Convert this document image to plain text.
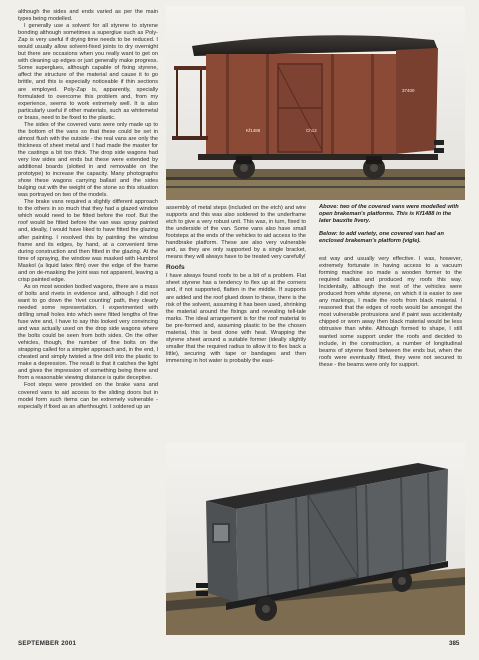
although the sides and ends varied as per the main types being modelled.

I generally use a solvent for all styrene to styrene bonding although sometimes a superglue such as Poly-Zap is very useful if drying time needs to be reduced. I would usually allow solvent-fixed joints to dry overnight but there are occasions when you really want to get on with cleaning up edges or just generally make progress. Some superglues, although capable of fixing styrene, affect the structure of the material and cause it to go brittle, and this is especially noticeable if thin sections are employed. Poly-Zap is, apparently, specially formulated to overcome this problem and, from my experience, seems to work extremely well. It is also particularly useful if other materials, such as whitemetal or brass, need to be fixed to the plastic.

The sides of the covered vans were only made up to the bottom of the vans so that these could be set in almost flush with the outside - the real vans are only the thickness of sheet metal and I had made the master for the castings a bit too thick. The drop side wagons had very low sides and ends but these were extended by additional boards (slotted in and removable on the prototype) to increase the capacity. Many photographs show these wagons carrying ballast and the sides bulging out with the weight of the stone so this situation was portrayed on two of the models.

The brake vans required a slightly different approach to the others in so much that they had a glazed window which would need to be fitted before the roof. But the roof would be fitted before the van was spray painted and, ideally, I would have liked to have fitted the glazing after painting. I resolved this by painting the window frame and its edges, by hand, at a convenient time during construction and then fitted in the glazing. At the time of spraying, the window was masked with Humbrol Maskol (a liquid latex film) over the edge of the frame and on de-masking the joint was not apparent, leaving a crisp painted edge.

As on most wooden bodied wagons, there are a mass of bolts and rivets in evidence and, although I did not want to go down the 'rivet counting' path, they clearly needed some representation. I experimented with drilling small holes into which were fitted lengths of fine fuse wire and, I have to say this looked very convincing and was actually used on the drop side wagons where the bolts could be seen from both sides. On the other vehicles, though, the number of fine bolts on the strapping called for a simpler approach and, in the end, I cheated and simply twisted a fine drill into the plastic to make a depression. The result is that it catches the light and gives the impression of something being there and from a reasonable viewing distance is quite deceptive.

Foot steps were provided on the brake vans and covered vans to aid access to the sliding doors but in model form such items can be extremely vulnerable - especially if fixed as an afterthought. I soldered up an

Kf1488	Ch12
37400

Above: two of the covered vans were modelled with open brakeman's platforms. This is Kf1488 in the later bauxite livery.

Below: to add variety, one covered van had an enclosed brakeman's platform (vigle).

assembly of metal steps (included on the etch) and wire supports and this was also soldered to the underframe etch to give a very robust unit. This was, in turn, fixed to the underside of the van. Some vans also have small footsteps at the ends of the vehicles to aid access to the handbrake platform. These are also very vulnerable and, as they are only supported by a single bracket, means they will always have to be treated very carefully!

Roofs

I have always found roofs to be a bit of a problem. Flat sheet styrene has a tendency to flex up at the corners and, if not supported, flatten in the middle. If supports are added and the roof glued down to these, there is the risk of the solvent, assuming it has been used, shrinking the material around the fixings and revealing tell-tale marks. The ideal arrangement is for the roof material to be pre-formed and, assuming plastic to be the chosen material, this is best done with heat. Wrapping the styrene sheet around a suitable former (ideally slightly smaller that the required radius to allow it to flex back a little), securing with tape or bandages and then immersing in hot water is probably the easi-

est way and usually very effective. I was, however, extremely fortunate in having access to a vacuum forming machine so made a wooden former to the required radius and produced my roofs this way. Incidentally, although the rest of the vehicles were produced from white styrene, on which it is easier to see any markings, I made the roofs from black material. I reasoned that the edges of roofs would be amongst the most vulnerable protrusions and if paint was accidentally chipped or worn away then black material would be less obtrusive than white. Although formed to shape, I still wanted some support under the roofs and decided to include, in the construction, a number of longitudinal beams of styrene fixed between the ends but, when the roofs were eventually fitted, they were not secured to these - the beams were only for support.

SEPTEMBER 2001	385
